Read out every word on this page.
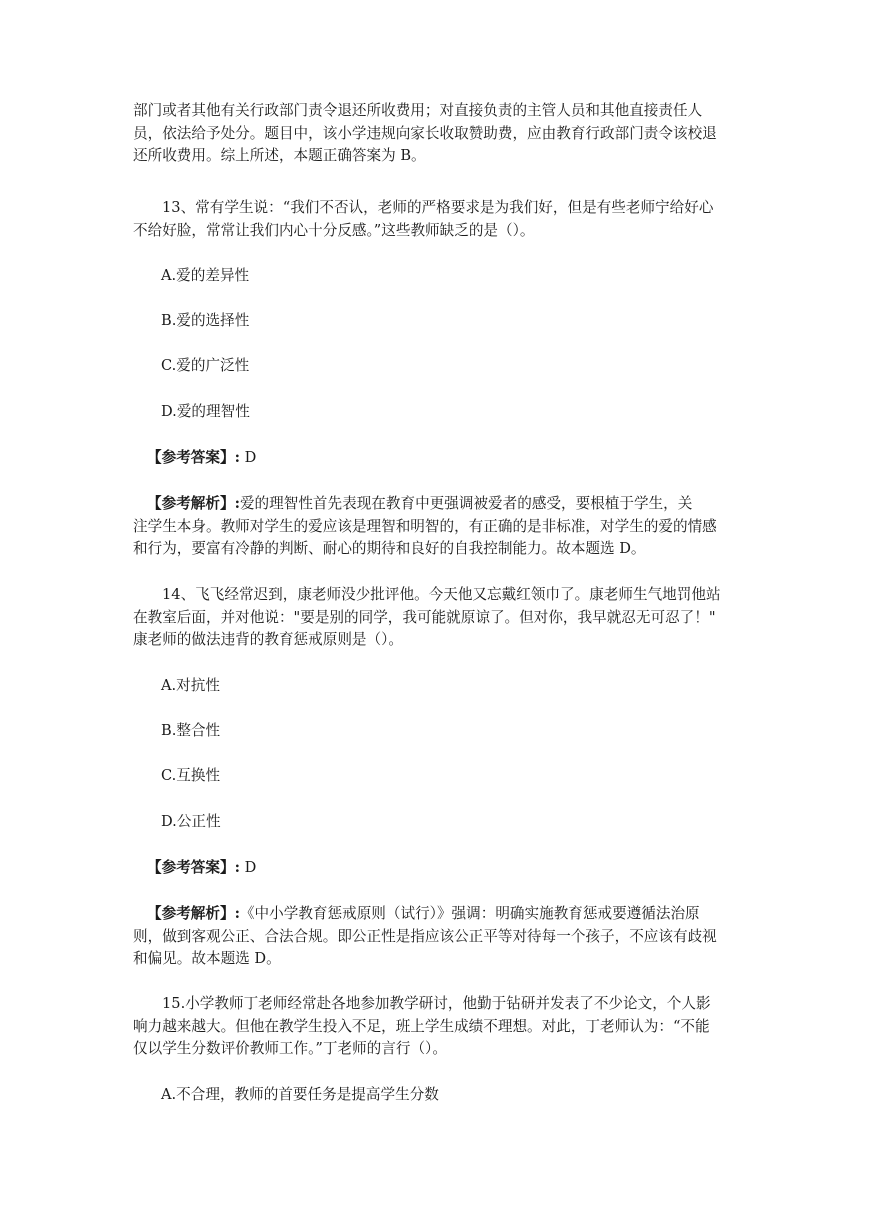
部门或者其他有关行政部门责令退还所收费用；对直接负责的主管人员和其他直接责任人
员，依法给予处分。题目中，该小学违规向家长收取赞助费，应由教育行政部门责令该校退
还所收费用。综上所述，本题正确答案为 B。

13、常有学生说：“我们不否认，老师的严格要求是为我们好，但是有些老师宁给好心
不给好脸，常常让我们内心十分反感。”这些教师缺乏的是（）。

A.爱的差异性

B.爱的选择性

C.爱的广泛性

D.爱的理智性

【参考答案】: D

【参考解析】:爱的理智性首先表现在教育中更强调被爱者的感受，要根植于学生，关
注学生本身。教师对学生的爱应该是理智和明智的，有正确的是非标准，对学生的爱的情感
和行为，要富有冷静的判断、耐心的期待和良好的自我控制能力。故本题选 D。

14、飞飞经常迟到，康老师没少批评他。今天他又忘戴红领巾了。康老师生气地罚他站
在教室后面，并对他说："要是别的同学，我可能就原谅了。但对你，我早就忍无可忍了！"
康老师的做法违背的教育惩戒原则是（）。

A.对抗性

B.整合性

C.互换性

D.公正性

【参考答案】: D

【参考解析】:《中小学教育惩戒原则（试行）》强调：明确实施教育惩戒要遵循法治原
则，做到客观公正、合法合规。即公正性是指应该公正平等对待每一个孩子，不应该有歧视
和偏见。故本题选 D。

15.小学教师丁老师经常赴各地参加教学研讨，他勤于钻研并发表了不少论文，个人影
响力越来越大。但他在教学生投入不足，班上学生成绩不理想。对此，丁老师认为：“不能
仅以学生分数评价教师工作。”丁老师的言行（）。

A.不合理，教师的首要任务是提高学生分数
